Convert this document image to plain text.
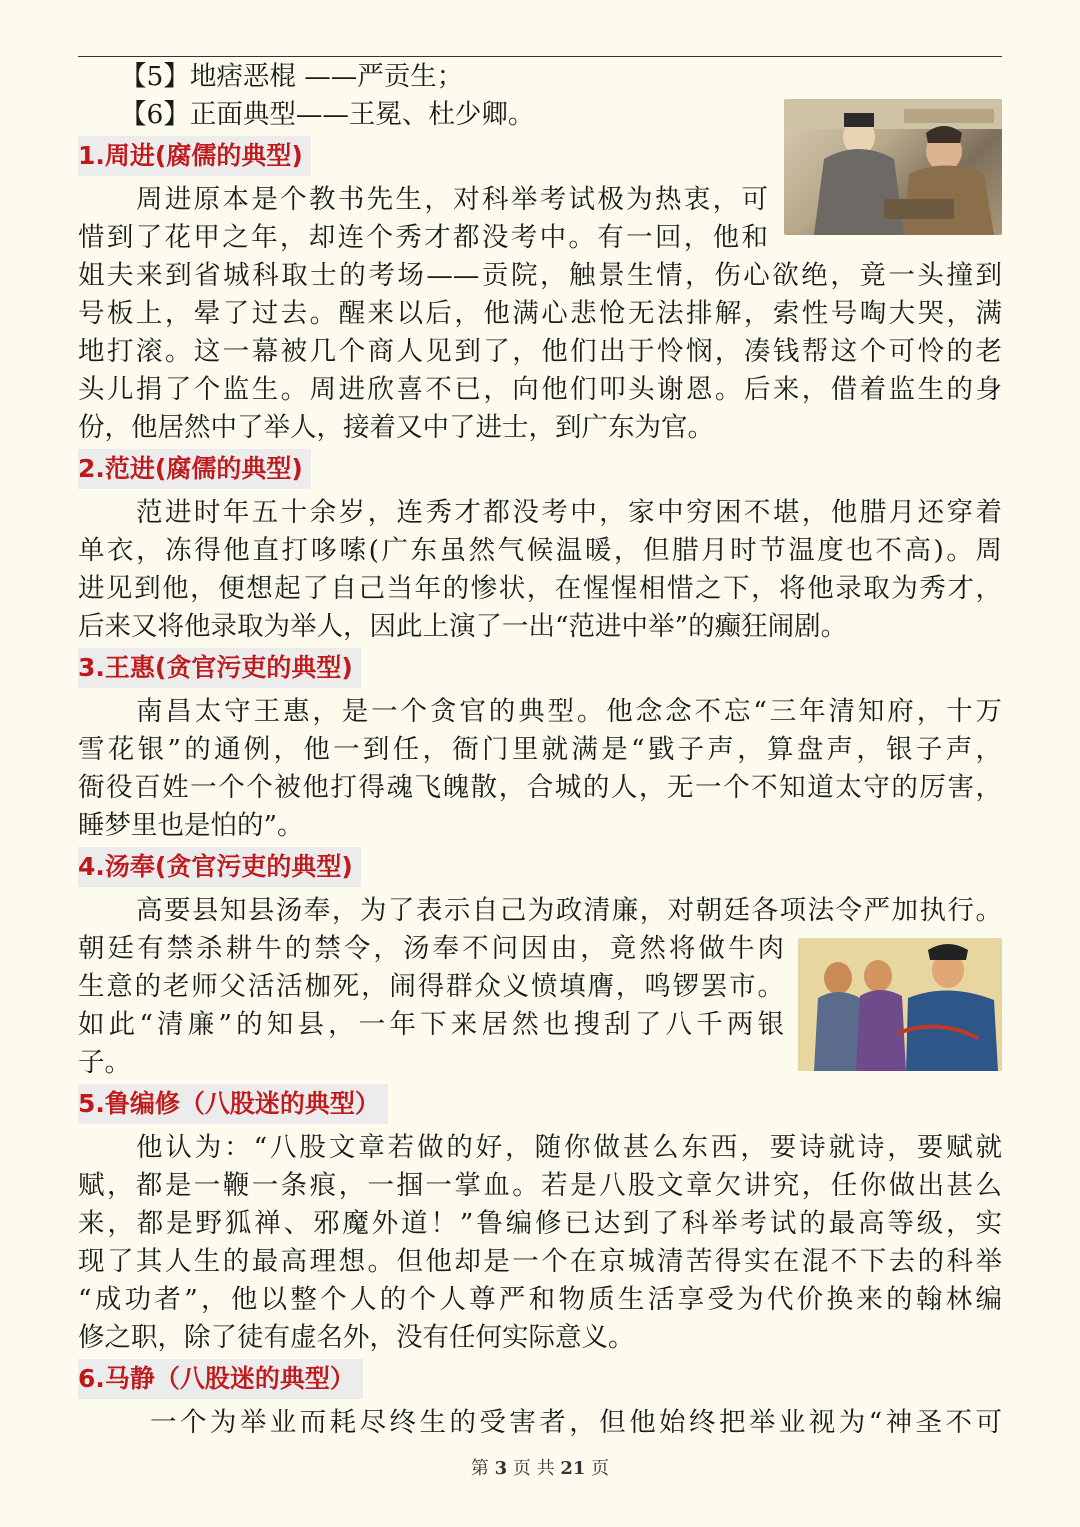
【5】地痞恶棍 ——严贡生；
【6】正面典型——王冕、杜少卿。
1.周进(腐儒的典型)
周进原本是个教书先生，对科举考试极为热衷，可
惜到了花甲之年，却连个秀才都没考中。有一回，他和
姐夫来到省城科取士的考场——贡院，触景生情，伤心欲绝，竟一头撞到
号板上，晕了过去。醒来以后，他满心悲怆无法排解，索性号啕大哭，满
地打滚。这一幕被几个商人见到了，他们出于怜悯，凑钱帮这个可怜的老
头儿捐了个监生。周进欣喜不已，向他们叩头谢恩。后来，借着监生的身
份，他居然中了举人，接着又中了进士，到广东为官。
2.范进(腐儒的典型)
范进时年五十余岁，连秀才都没考中，家中穷困不堪，他腊月还穿着
单衣，冻得他直打哆嗦(广东虽然气候温暖，但腊月时节温度也不高)。周
进见到他，便想起了自己当年的惨状，在惺惺相惜之下，将他录取为秀才，
后来又将他录取为举人，因此上演了一出“范进中举”的癫狂闹剧。
3.王惠(贪官污吏的典型)
南昌太守王惠，是一个贪官的典型。他念念不忘“三年清知府，十万
雪花银”的通例，他一到任，衙门里就满是“戥子声，算盘声，银子声，
衙役百姓一个个被他打得魂飞魄散，合城的人，无一个不知道太守的厉害，
睡梦里也是怕的”。
4.汤奉(贪官污吏的典型)
高要县知县汤奉，为了表示自己为政清廉，对朝廷各项法令严加执行。
朝廷有禁杀耕牛的禁令，汤奉不问因由，竟然将做牛肉
生意的老师父活活枷死，闹得群众义愤填膺，鸣锣罢市。
如此“清廉”的知县，一年下来居然也搜刮了八千两银
子。
5.鲁编修（八股迷的典型）
他认为：“八股文章若做的好，随你做甚么东西，要诗就诗，要赋就
赋，都是一鞭一条痕，一掴一掌血。若是八股文章欠讲究，任你做出甚么
来，都是野狐禅、邪魔外道！”鲁编修已达到了科举考试的最高等级，实
现了其人生的最高理想。但他却是一个在京城清苦得实在混不下去的科举
“成功者”，他以整个人的个人尊严和物质生活享受为代价换来的翰林编
修之职，除了徒有虚名外，没有任何实际意义。
6.马静（八股迷的典型）
一个为举业而耗尽终生的受害者，但他始终把举业视为“神圣不可
第 3 页 共 21 页
